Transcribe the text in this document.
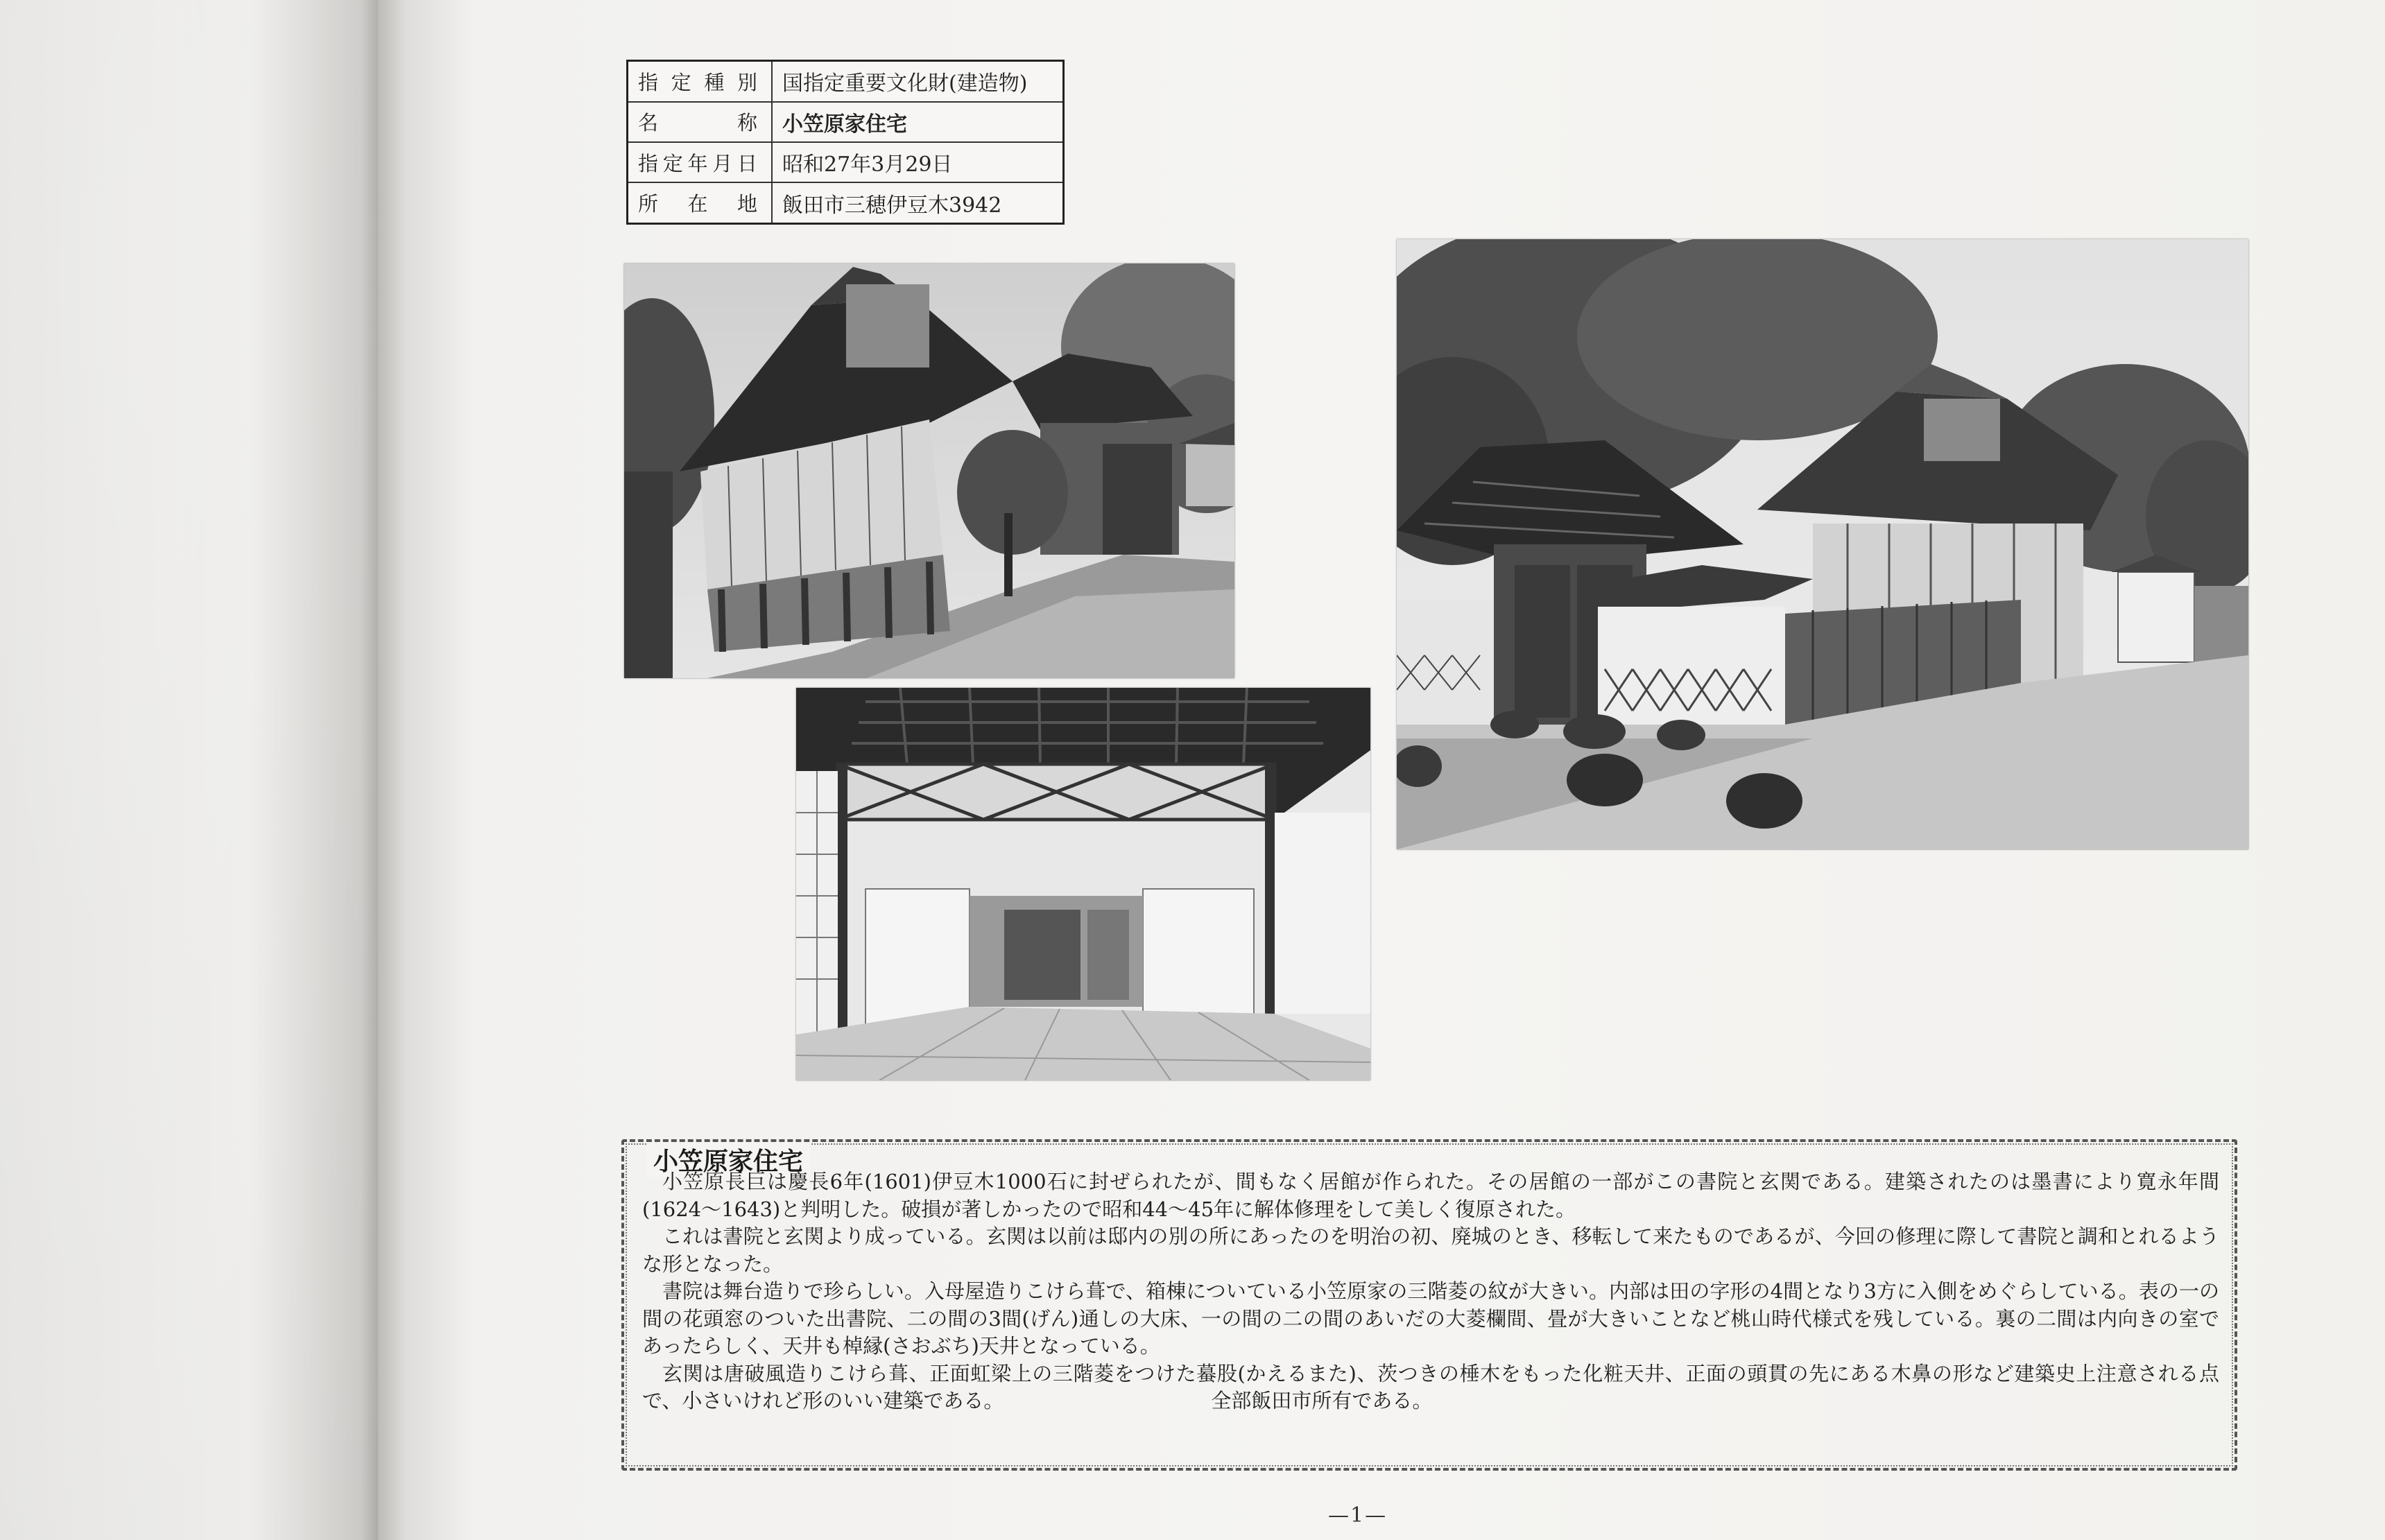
指定種別	国指定重要文化財(建造物)
名称	小笠原家住宅
指定年月日	昭和27年3月29日
所在地	飯田市三穂伊豆木3942
小笠原家住宅

小笠原長巨は慶長6年(1601)伊豆木1000石に封ぜられたが、間もなく居館が作られた。その居館の一部がこの書院と玄関である。建築されたのは墨書により寛永年間(1624〜1643)と判明した。破損が著しかったので昭和44〜45年に解体修理をして美しく復原された。

これは書院と玄関より成っている。玄関は以前は邸内の別の所にあったのを明治の初、廃城のとき、移転して来たものであるが、今回の修理に際して書院と調和とれるような形となった。

書院は舞台造りで珍らしい。入母屋造りこけら葺で、箱棟についている小笠原家の三階菱の紋が大きい。内部は田の字形の4間となり3方に入側をめぐらしている。表の一の間の花頭窓のついた出書院、二の間の3間(げん)通しの大床、一の間の二の間のあいだの大菱欄間、畳が大きいことなど桃山時代様式を残している。裏の二間は内向きの室であったらしく、天井も棹縁(さおぶち)天井となっている。

玄関は唐破風造りこけら葺、正面虹梁上の三階菱をつけた蟇股(かえるまた)、茨つきの棰木をもった化粧天井、正面の頭貫の先にある木鼻の形など建築史上注意される点で、小さいけれど形のいい建築である。	全部飯田市所有である。

—1—
